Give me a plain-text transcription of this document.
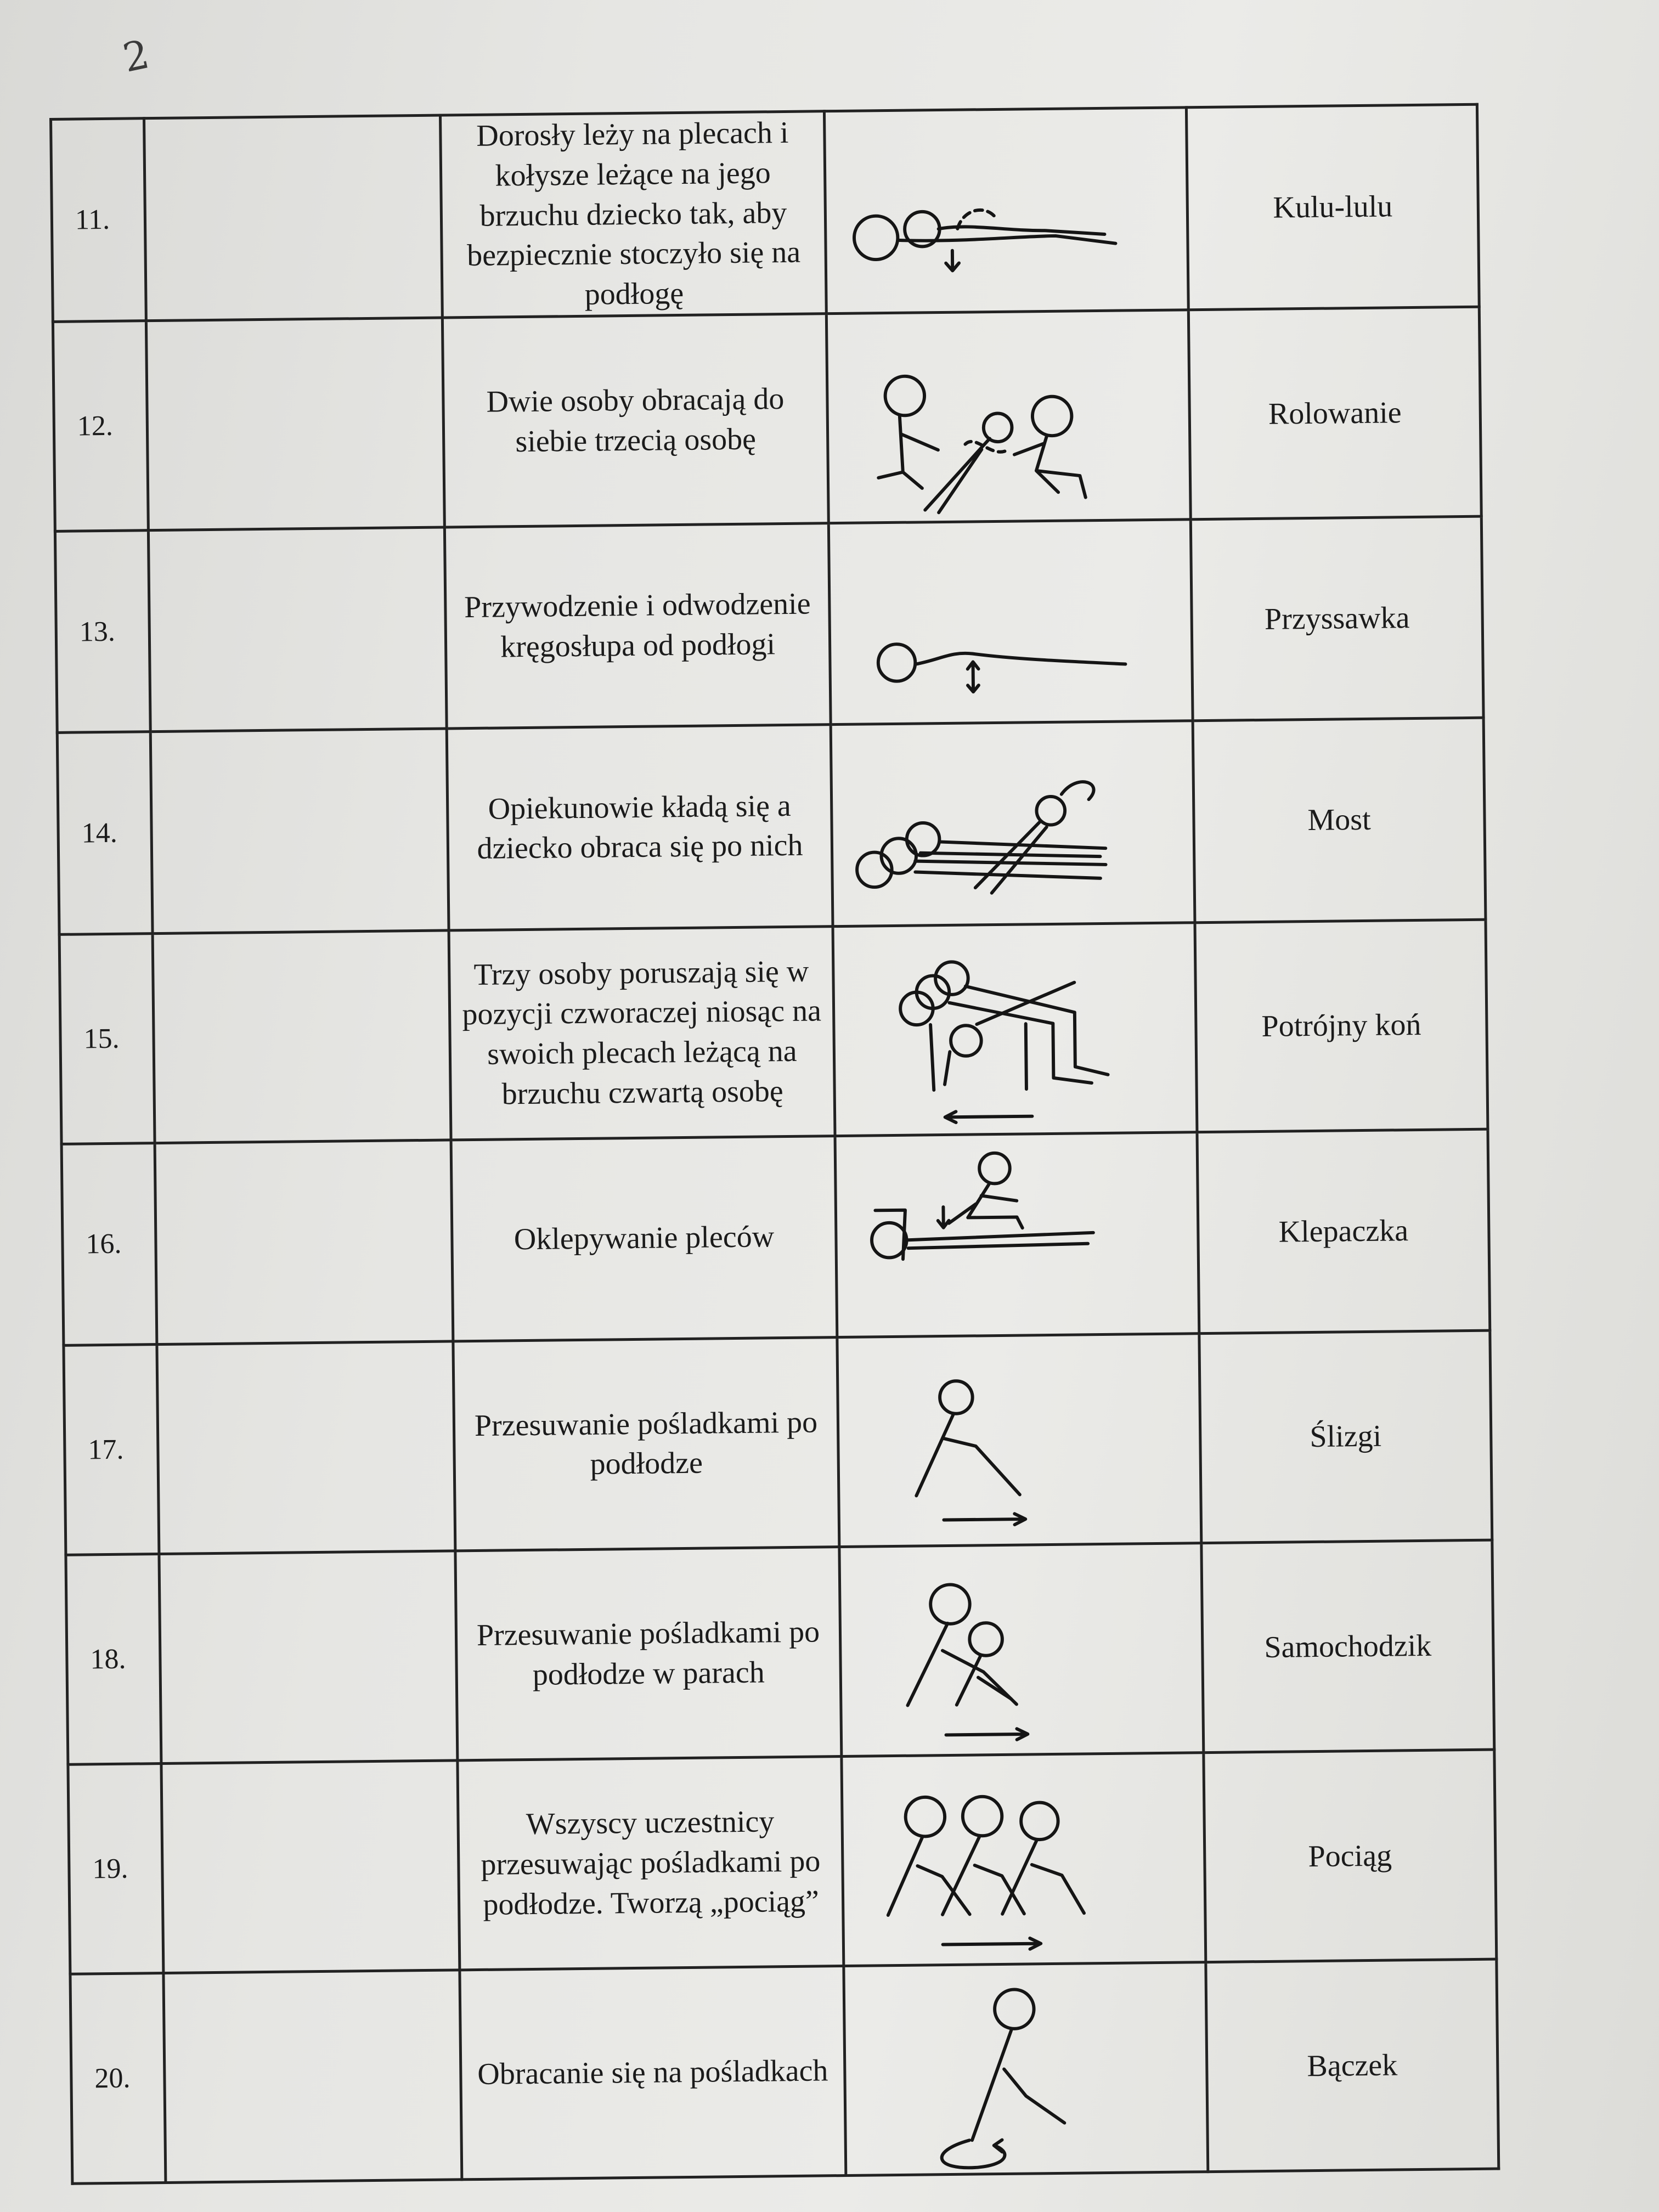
2
11.		Dorosły leży na plecach i kołysze leżące na jego brzuchu dziecko tak, aby bezpiecznie stoczyło się na podłogę		Kulu-lulu
12.		Dwie osoby obracają do siebie trzecią osobę		Rolowanie
13.		Przywodzenie i odwodzenie kręgosłupa od podłogi		Przyssawka
14.		Opiekunowie kładą się a dziecko obraca się po nich		Most
15.		Trzy osoby poruszają się w pozycji czworaczej niosąc na swoich plecach leżącą na brzuchu czwartą osobę		Potrójny koń
16.		Oklepywanie pleców		Klepaczka
17.		Przesuwanie pośladkami po podłodze		Ślizgi
18.		Przesuwanie pośladkami po podłodze w parach		Samochodzik
19.		Wszyscy uczestnicy przesuwając pośladkami po podłodze. Tworzą „pociąg”		Pociąg
20.		Obracanie się na pośladkach		Bączek
